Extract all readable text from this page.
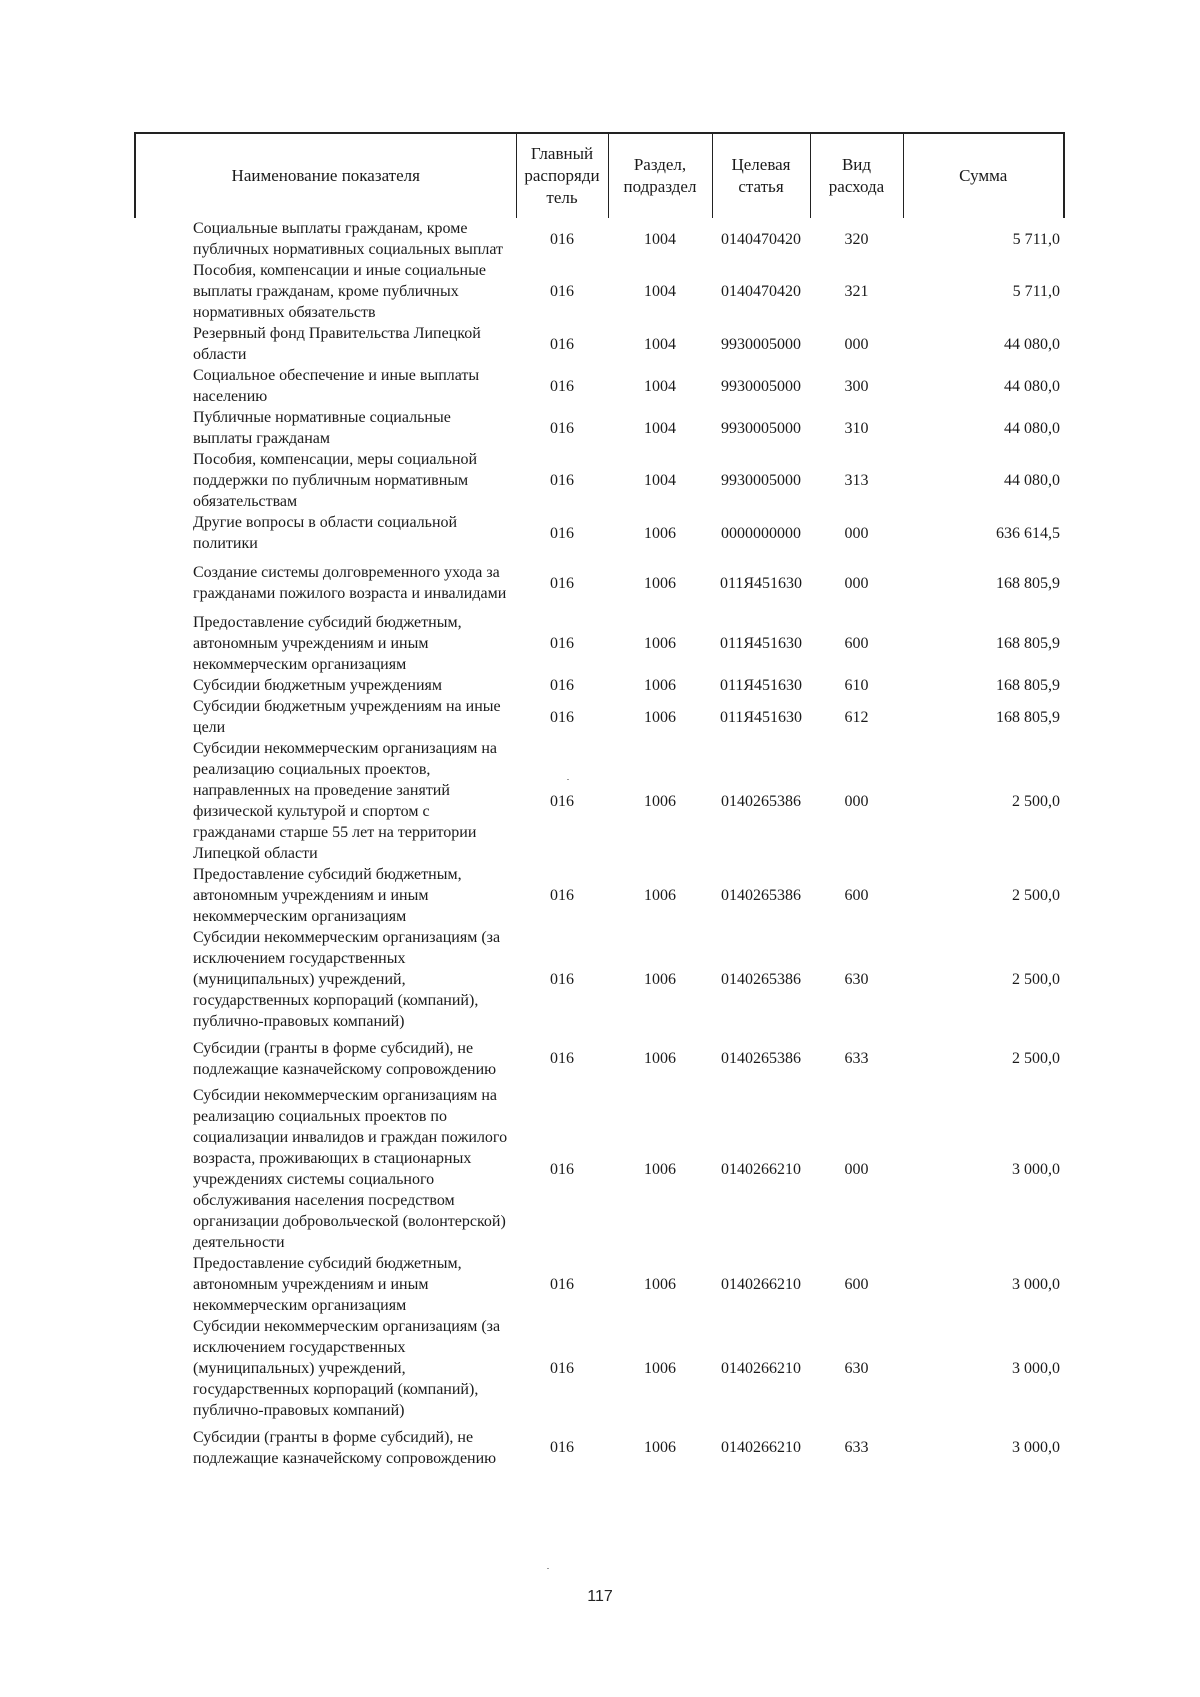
Наименование показателя	Главный распоряди тель	Раздел, подраздел	Целевая статья	Вид расхода	Сумма
Социальные выплаты гражданам, кроме публичных нормативных социальных выплат	016	1004	0140470420	320	5 711,0
Пособия, компенсации и иные социальные выплаты гражданам, кроме публичных нормативных обязательств	016	1004	0140470420	321	5 711,0
Резервный фонд Правительства Липецкой области	016	1004	9930005000	000	44 080,0
Социальное обеспечение и иные выплаты населению	016	1004	9930005000	300	44 080,0
Публичные нормативные социальные выплаты гражданам	016	1004	9930005000	310	44 080,0
Пособия, компенсации, меры социальной поддержки по публичным нормативным обязательствам	016	1004	9930005000	313	44 080,0
Другие вопросы в области социальной политики	016	1006	0000000000	000	636 614,5
Создание системы долговременного ухода за гражданами пожилого возраста и инвалидами	016	1006	011Я451630	000	168 805,9
Предоставление субсидий бюджетным, автономным учреждениям и иным некоммерческим организациям	016	1006	011Я451630	600	168 805,9
Субсидии бюджетным учреждениям	016	1006	011Я451630	610	168 805,9
Субсидии бюджетным учреждениям на иные цели	016	1006	011Я451630	612	168 805,9
Субсидии некоммерческим организациям на реализацию социальных проектов, направленных на проведение занятий физической культурой и спортом с гражданами старше 55 лет на территории Липецкой области	016	1006	0140265386	000	2 500,0
Предоставление субсидий бюджетным, автономным учреждениям и иным некоммерческим организациям	016	1006	0140265386	600	2 500,0
Субсидии некоммерческим организациям (за исключением государственных (муниципальных) учреждений, государственных корпораций (компаний), публично-правовых компаний)	016	1006	0140265386	630	2 500,0
Субсидии (гранты в форме субсидий), не подлежащие казначейскому сопровождению	016	1006	0140265386	633	2 500,0
Субсидии некоммерческим организациям на реализацию социальных проектов по социализации инвалидов и граждан пожилого возраста, проживающих в стационарных учреждениях системы социального обслуживания населения посредством организации добровольческой (волонтерской) деятельности	016	1006	0140266210	000	3 000,0
Предоставление субсидий бюджетным, автономным учреждениям и иным некоммерческим организациям	016	1006	0140266210	600	3 000,0
Субсидии некоммерческим организациям (за исключением государственных (муниципальных) учреждений, государственных корпораций (компаний), публично-правовых компаний)	016	1006	0140266210	630	3 000,0
Субсидии (гранты в форме субсидий), не подлежащие казначейскому сопровождению	016	1006	0140266210	633	3 000,0
117
